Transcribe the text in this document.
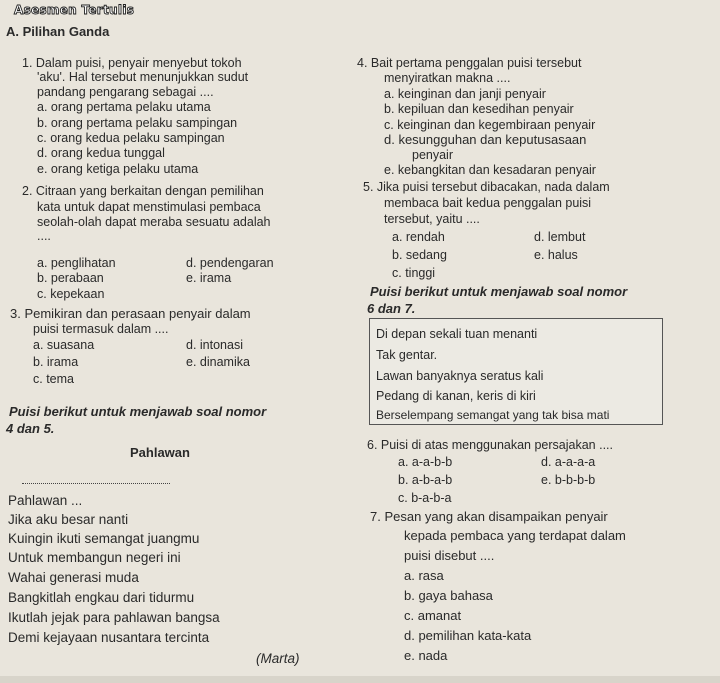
Asesmen Tertulis
A. Pilihan Ganda
1. Dalam puisi, penyair menyebut tokoh
'aku'. Hal tersebut menunjukkan sudut
pandang pengarang sebagai ....
a. orang pertama pelaku utama
b. orang pertama pelaku sampingan
c. orang kedua pelaku sampingan
d. orang kedua tunggal
e. orang ketiga pelaku utama
2. Citraan yang berkaitan dengan pemilihan
kata untuk dapat menstimulasi pembaca
seolah-olah dapat meraba sesuatu adalah
....
a. penglihatan	d. pendengaran
b. perabaan	e. irama
c. kepekaan
3. Pemikiran dan perasaan penyair dalam
puisi termasuk dalam ....
a. suasana	d. intonasi
b. irama	e. dinamika
c. tema
Puisi berikut untuk menjawab soal nomor
4 dan 5.
Pahlawan
Pahlawan ...
Jika aku besar nanti
Kuingin ikuti semangat juangmu
Untuk membangun negeri ini
Wahai generasi muda
Bangkitlah engkau dari tidurmu
Ikutlah jejak para pahlawan bangsa
Demi kejayaan nusantara tercinta
(Marta)
4. Bait pertama penggalan puisi tersebut
menyiratkan makna ....
a. keinginan dan janji penyair
b. kepiluan dan kesedihan penyair
c. keinginan dan kegembiraan penyair
d. kesungguhan dan keputusasaan
penyair
e. kebangkitan dan kesadaran penyair
5. Jika puisi tersebut dibacakan, nada dalam
membaca bait kedua penggalan puisi
tersebut, yaitu ....
a. rendah	d. lembut
b. sedang	e. halus
c. tinggi
Puisi berikut untuk menjawab soal nomor
6 dan 7.
Di depan sekali tuan menanti
Tak gentar.
Lawan banyaknya seratus kali
Pedang di kanan, keris di kiri
Berselempang semangat yang tak bisa mati
6. Puisi di atas menggunakan persajakan ....
a. a-a-b-b	d. a-a-a-a
b. a-b-a-b	e. b-b-b-b
c. b-a-b-a
7. Pesan yang akan disampaikan penyair
kepada pembaca yang terdapat dalam
puisi disebut ....
a. rasa
b. gaya bahasa
c. amanat
d. pemilihan kata-kata
e. nada
